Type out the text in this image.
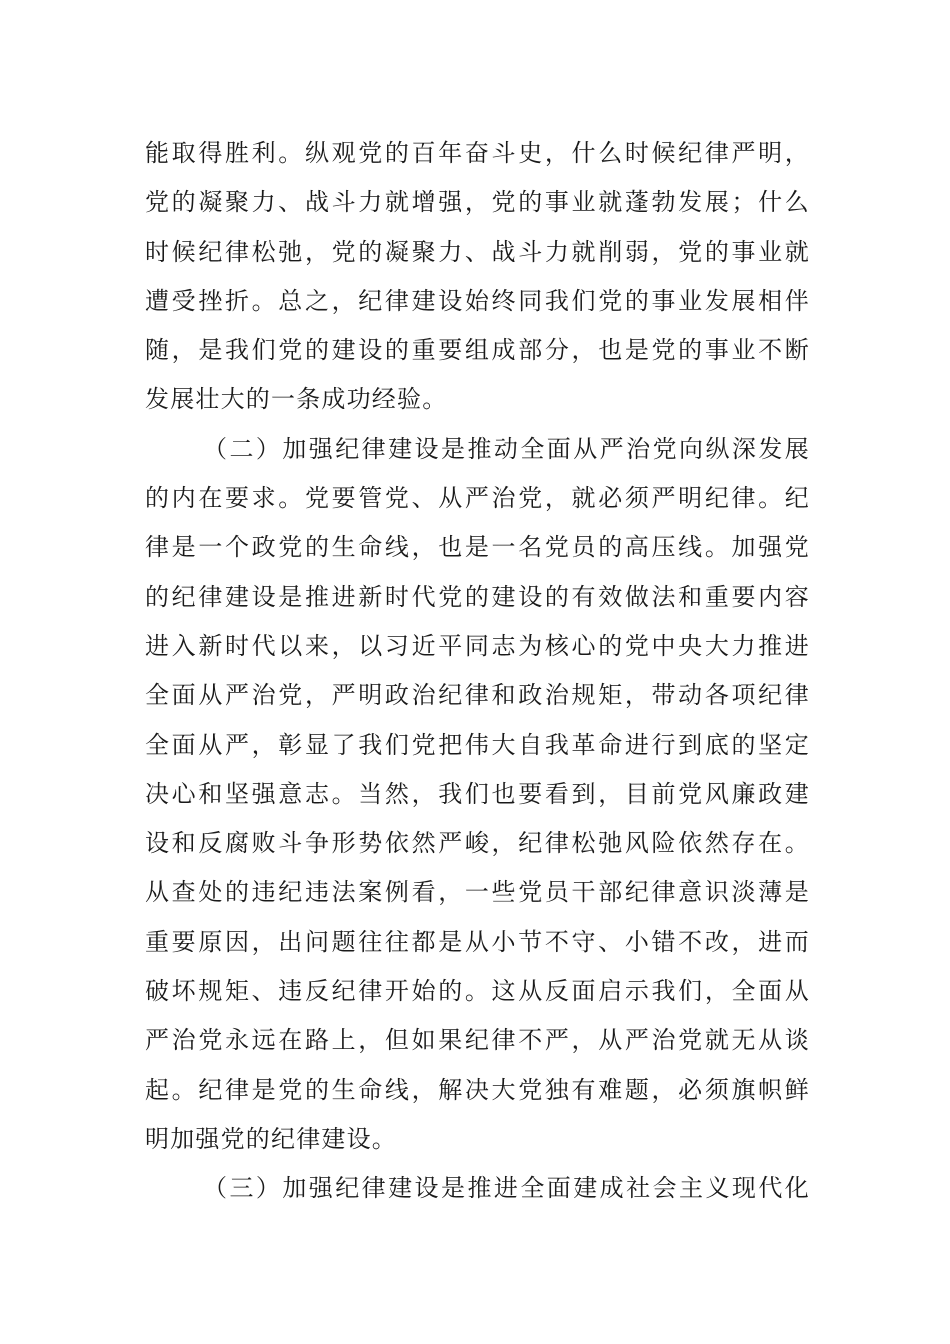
能取得胜利。纵观党的百年奋斗史，什么时候纪律严明，
党的凝聚力、战斗力就增强，党的事业就蓬勃发展；什么
时候纪律松弛，党的凝聚力、战斗力就削弱，党的事业就
遭受挫折。总之，纪律建设始终同我们党的事业发展相伴
随，是我们党的建设的重要组成部分，也是党的事业不断
发展壮大的一条成功经验。
（二）加强纪律建设是推动全面从严治党向纵深发展
的内在要求。党要管党、从严治党，就必须严明纪律。纪
律是一个政党的生命线，也是一名党员的高压线。加强党
的纪律建设是推进新时代党的建设的有效做法和重要内容
进入新时代以来，以习近平同志为核心的党中央大力推进
全面从严治党，严明政治纪律和政治规矩，带动各项纪律
全面从严，彰显了我们党把伟大自我革命进行到底的坚定
决心和坚强意志。当然，我们也要看到，目前党风廉政建
设和反腐败斗争形势依然严峻，纪律松弛风险依然存在。
从查处的违纪违法案例看，一些党员干部纪律意识淡薄是
重要原因，出问题往往都是从小节不守、小错不改，进而
破坏规矩、违反纪律开始的。这从反面启示我们，全面从
严治党永远在路上，但如果纪律不严，从严治党就无从谈
起。纪律是党的生命线，解决大党独有难题，必须旗帜鲜
明加强党的纪律建设。
（三）加强纪律建设是推进全面建成社会主义现代化
